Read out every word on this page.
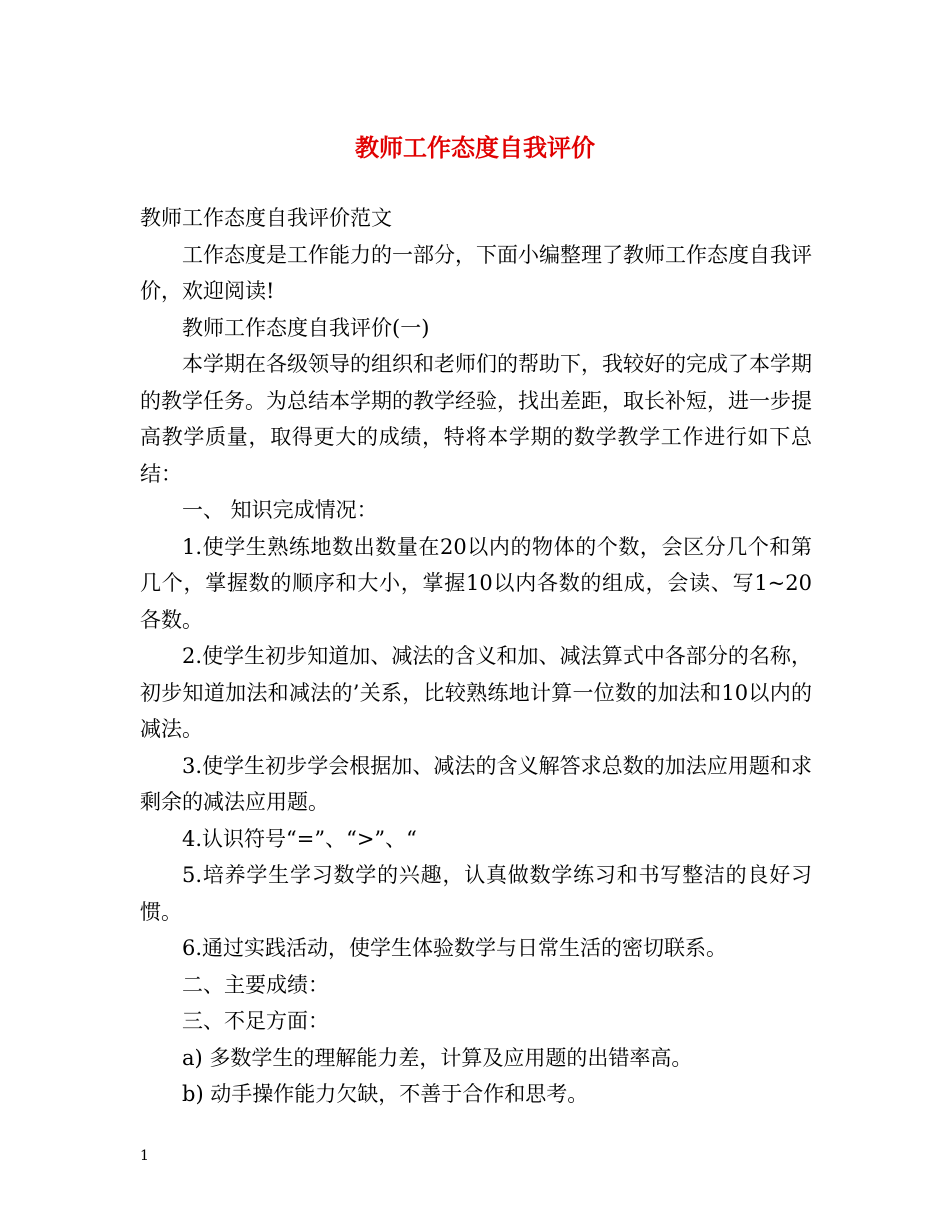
教师工作态度自我评价

教师工作态度自我评价范文

工作态度是工作能力的一部分，下面小编整理了教师工作态度自我评价，欢迎阅读!

教师工作态度自我评价(一)

本学期在各级领导的组织和老师们的帮助下，我较好的完成了本学期的教学任务。为总结本学期的教学经验，找出差距，取长补短，进一步提高教学质量，取得更大的成绩，特将本学期的数学教学工作进行如下总结：

一、 知识完成情况：

1.使学生熟练地数出数量在20以内的物体的个数，会区分几个和第几个，掌握数的顺序和大小，掌握10以内各数的组成，会读、写1~20各数。

2.使学生初步知道加、减法的含义和加、减法算式中各部分的名称，初步知道加法和减法的’关系，比较熟练地计算一位数的加法和10以内的减法。

3.使学生初步学会根据加、减法的含义解答求总数的加法应用题和求剩余的减法应用题。

4.认识符号“=”、“>”、“

5.培养学生学习数学的兴趣，认真做数学练习和书写整洁的良好习惯。

6.通过实践活动，使学生体验数学与日常生活的密切联系。

二、主要成绩：

三、不足方面：

a) 多数学生的理解能力差，计算及应用题的出错率高。

b) 动手操作能力欠缺，不善于合作和思考。

1
